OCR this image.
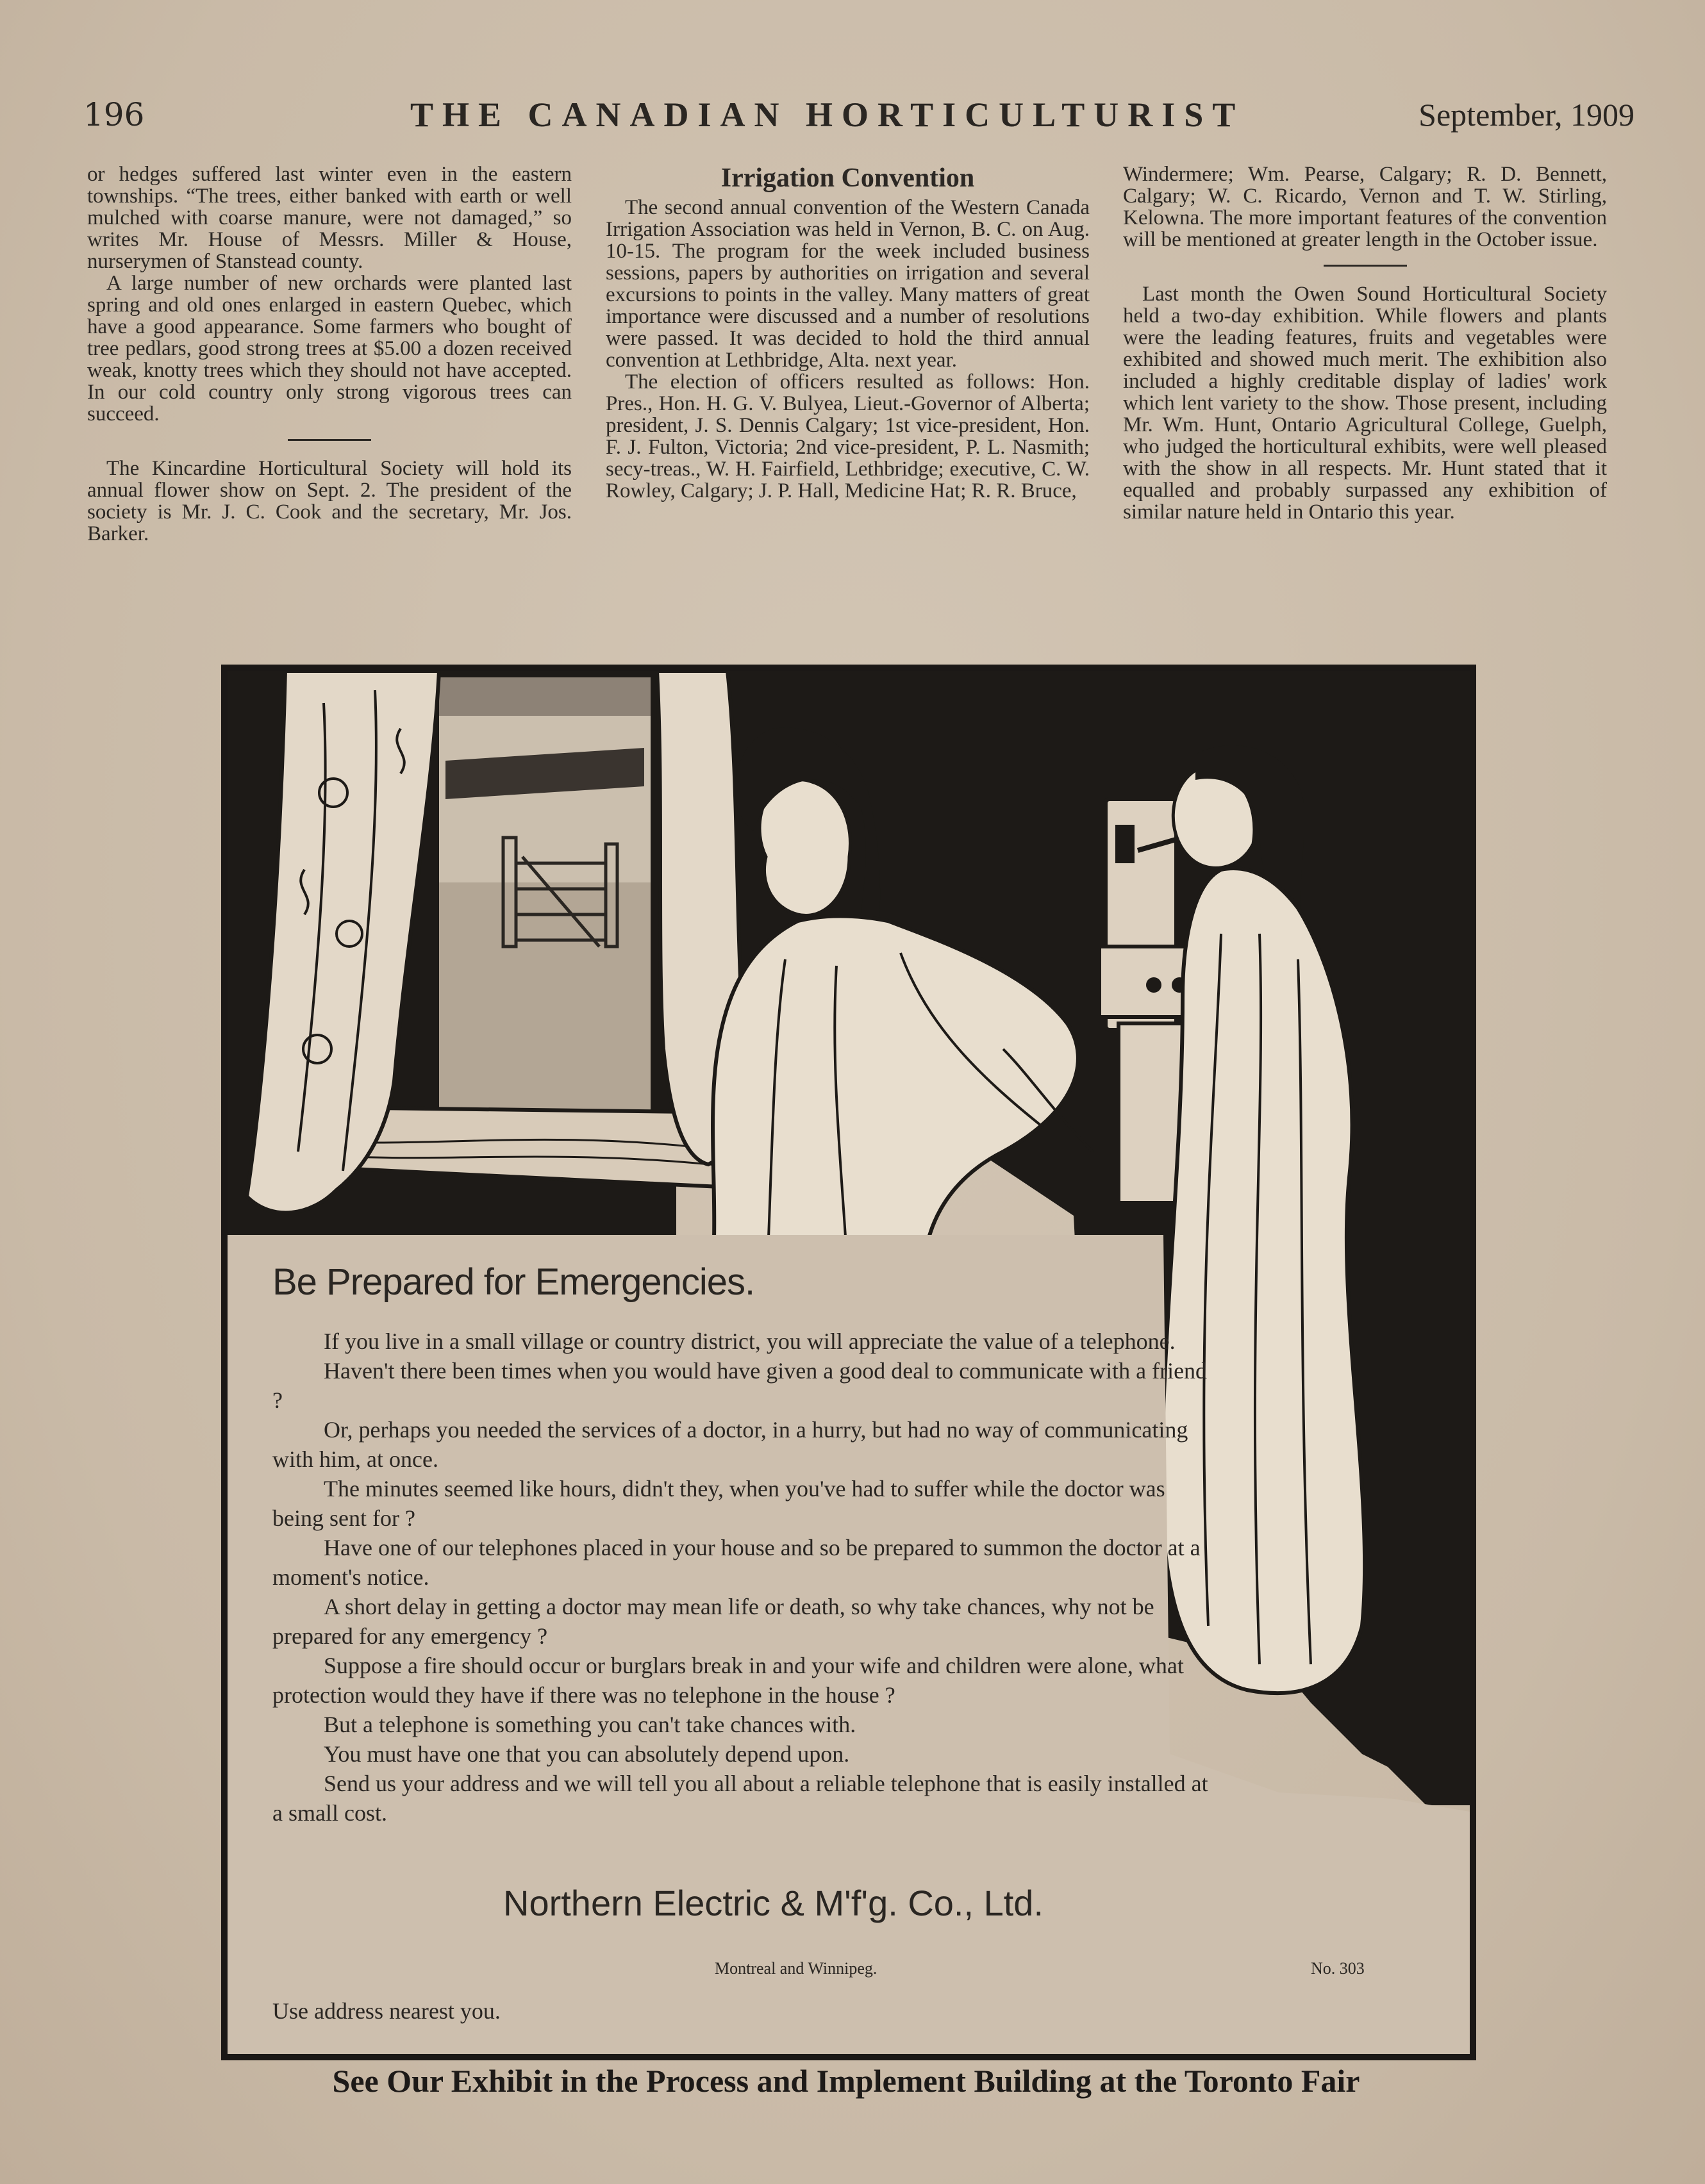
196	THE CANADIAN HORTICULTURIST	September, 1909

or hedges suffered last winter even in the eastern townships. “The trees, either banked with earth or well mulched with coarse manure, were not damaged,” so writes Mr. House of Messrs. Miller & House, nurserymen of Stanstead county.

A large number of new orchards were planted last spring and old ones enlarged in eastern Quebec, which have a good appearance. Some farmers who bought of tree pedlars, good strong trees at $5.00 a dozen received weak, knotty trees which they should not have accepted. In our cold country only strong vigorous trees can succeed.

The Kincardine Horticultural Society will hold its annual flower show on Sept. 2. The president of the society is Mr. J. C. Cook and the secretary, Mr. Jos. Barker.

Irrigation Convention

The second annual convention of the Western Canada Irrigation Association was held in Vernon, B. C. on Aug. 10-15. The program for the week included business sessions, papers by authorities on irrigation and several excursions to points in the valley. Many matters of great importance were discussed and a number of resolutions were passed. It was decided to hold the third annual convention at Lethbridge, Alta. next year.

The election of officers resulted as follows: Hon. Pres., Hon. H. G. V. Bulyea, Lieut.-Governor of Alberta; president, J. S. Dennis Calgary; 1st vice-president, Hon. F. J. Fulton, Victoria; 2nd vice-president, P. L. Nasmith; secy-treas., W. H. Fairfield, Lethbridge; executive, C. W. Rowley, Calgary; J. P. Hall, Medicine Hat; R. R. Bruce,

Windermere; Wm. Pearse, Calgary; R. D. Bennett, Calgary; W. C. Ricardo, Vernon and T. W. Stirling, Kelowna. The more important features of the convention will be mentioned at greater length in the October issue.

Last month the Owen Sound Horticultural Society held a two-day exhibition. While flowers and plants were the leading features, fruits and vegetables were exhibited and showed much merit. The exhibition also included a highly creditable display of ladies' work which lent variety to the show. Those present, including Mr. Wm. Hunt, Ontario Agricultural College, Guelph, who judged the horticultural exhibits, were well pleased with the show in all respects. Mr. Hunt stated that it equalled and probably surpassed any exhibition of similar nature held in Ontario this year.

Be Prepared for Emergencies.

If you live in a small village or country district, you will appreciate the value of a telephone.

Haven't there been times when you would have given a good deal to communicate with a friend ?

Or, perhaps you needed the services of a doctor, in a hurry, but had no way of communicating with him, at once.

The minutes seemed like hours, didn't they, when you've had to suffer while the doctor was being sent for ?

Have one of our telephones placed in your house and so be prepared to summon the doctor at a moment's notice.

A short delay in getting a doctor may mean life or death, so why take chances, why not be prepared for any emergency ?

Suppose a fire should occur or burglars break in and your wife and children were alone, what protection would they have if there was no telephone in the house ?

But a telephone is something you can't take chances with.

You must have one that you can absolutely depend upon.

Send us your address and we will tell you all about a reliable telephone that is easily installed at a small cost.

Northern Electric & M'f'g. Co., Ltd.
Montreal and Winnipeg.	No. 303
Use address nearest you.
See Our Exhibit in the Process and Implement Building at the Toronto Fair
